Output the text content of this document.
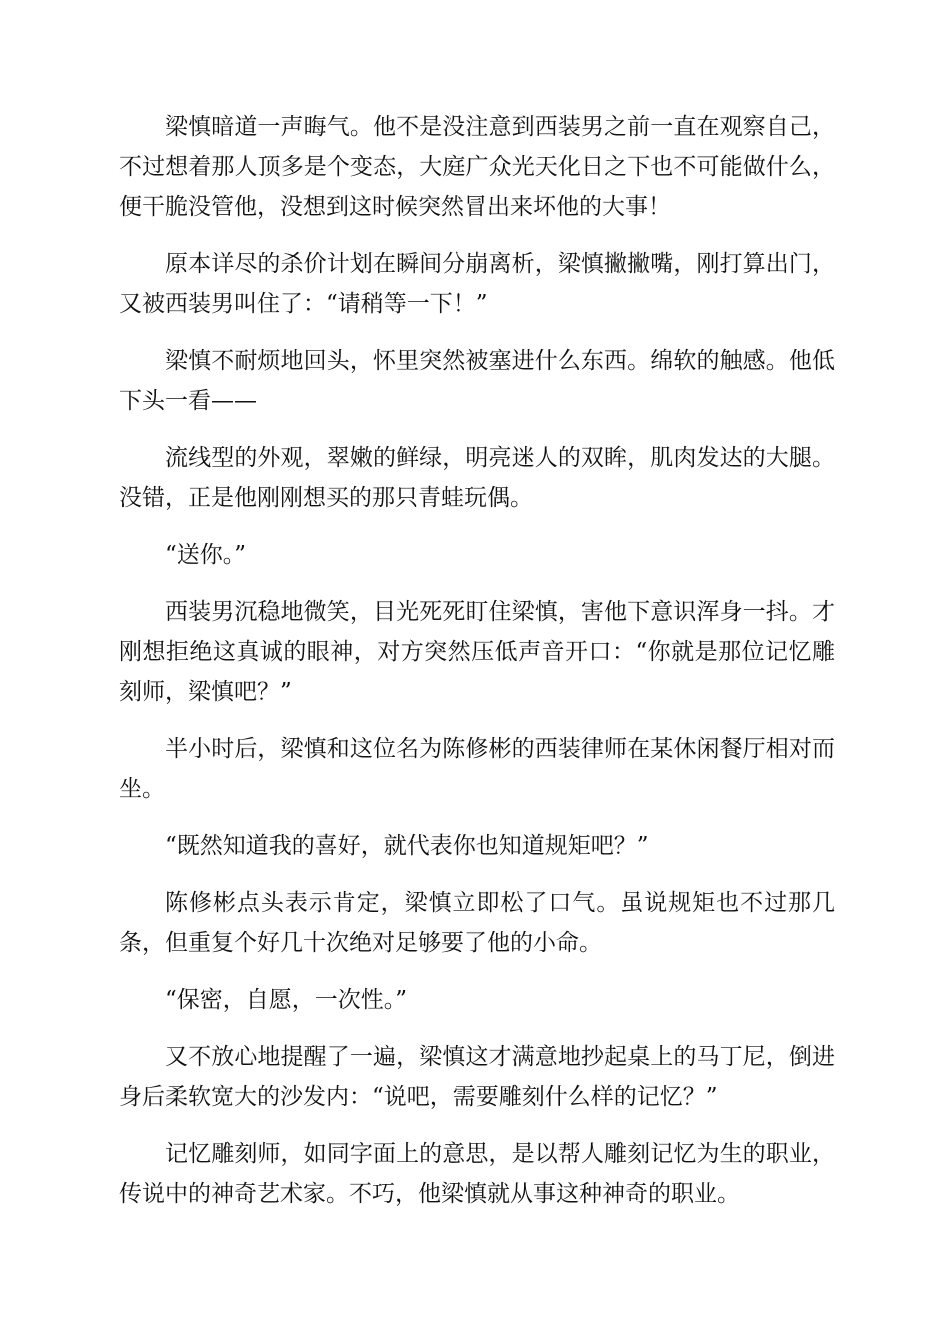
梁慎暗道一声晦气。他不是没注意到西装男之前一直在观察自己，不过想着那人顶多是个变态，大庭广众光天化日之下也不可能做什么，便干脆没管他，没想到这时候突然冒出来坏他的大事！

原本详尽的杀价计划在瞬间分崩离析，梁慎撇撇嘴，刚打算出门，又被西装男叫住了：“请稍等一下！”

梁慎不耐烦地回头，怀里突然被塞进什么东西。绵软的触感。他低下头一看——

流线型的外观，翠嫩的鲜绿，明亮迷人的双眸，肌肉发达的大腿。没错，正是他刚刚想买的那只青蛙玩偶。

“送你。”

西装男沉稳地微笑，目光死死盯住梁慎，害他下意识浑身一抖。才刚想拒绝这真诚的眼神，对方突然压低声音开口：“你就是那位记忆雕刻师，梁慎吧？”

半小时后，梁慎和这位名为陈修彬的西装律师在某休闲餐厅相对而坐。

“既然知道我的喜好，就代表你也知道规矩吧？”

陈修彬点头表示肯定，梁慎立即松了口气。虽说规矩也不过那几条，但重复个好几十次绝对足够要了他的小命。

“保密，自愿，一次性。”

又不放心地提醒了一遍，梁慎这才满意地抄起桌上的马丁尼，倒进身后柔软宽大的沙发内：“说吧，需要雕刻什么样的记忆？”

记忆雕刻师，如同字面上的意思，是以帮人雕刻记忆为生的职业，传说中的神奇艺术家。不巧，他梁慎就从事这种神奇的职业。
